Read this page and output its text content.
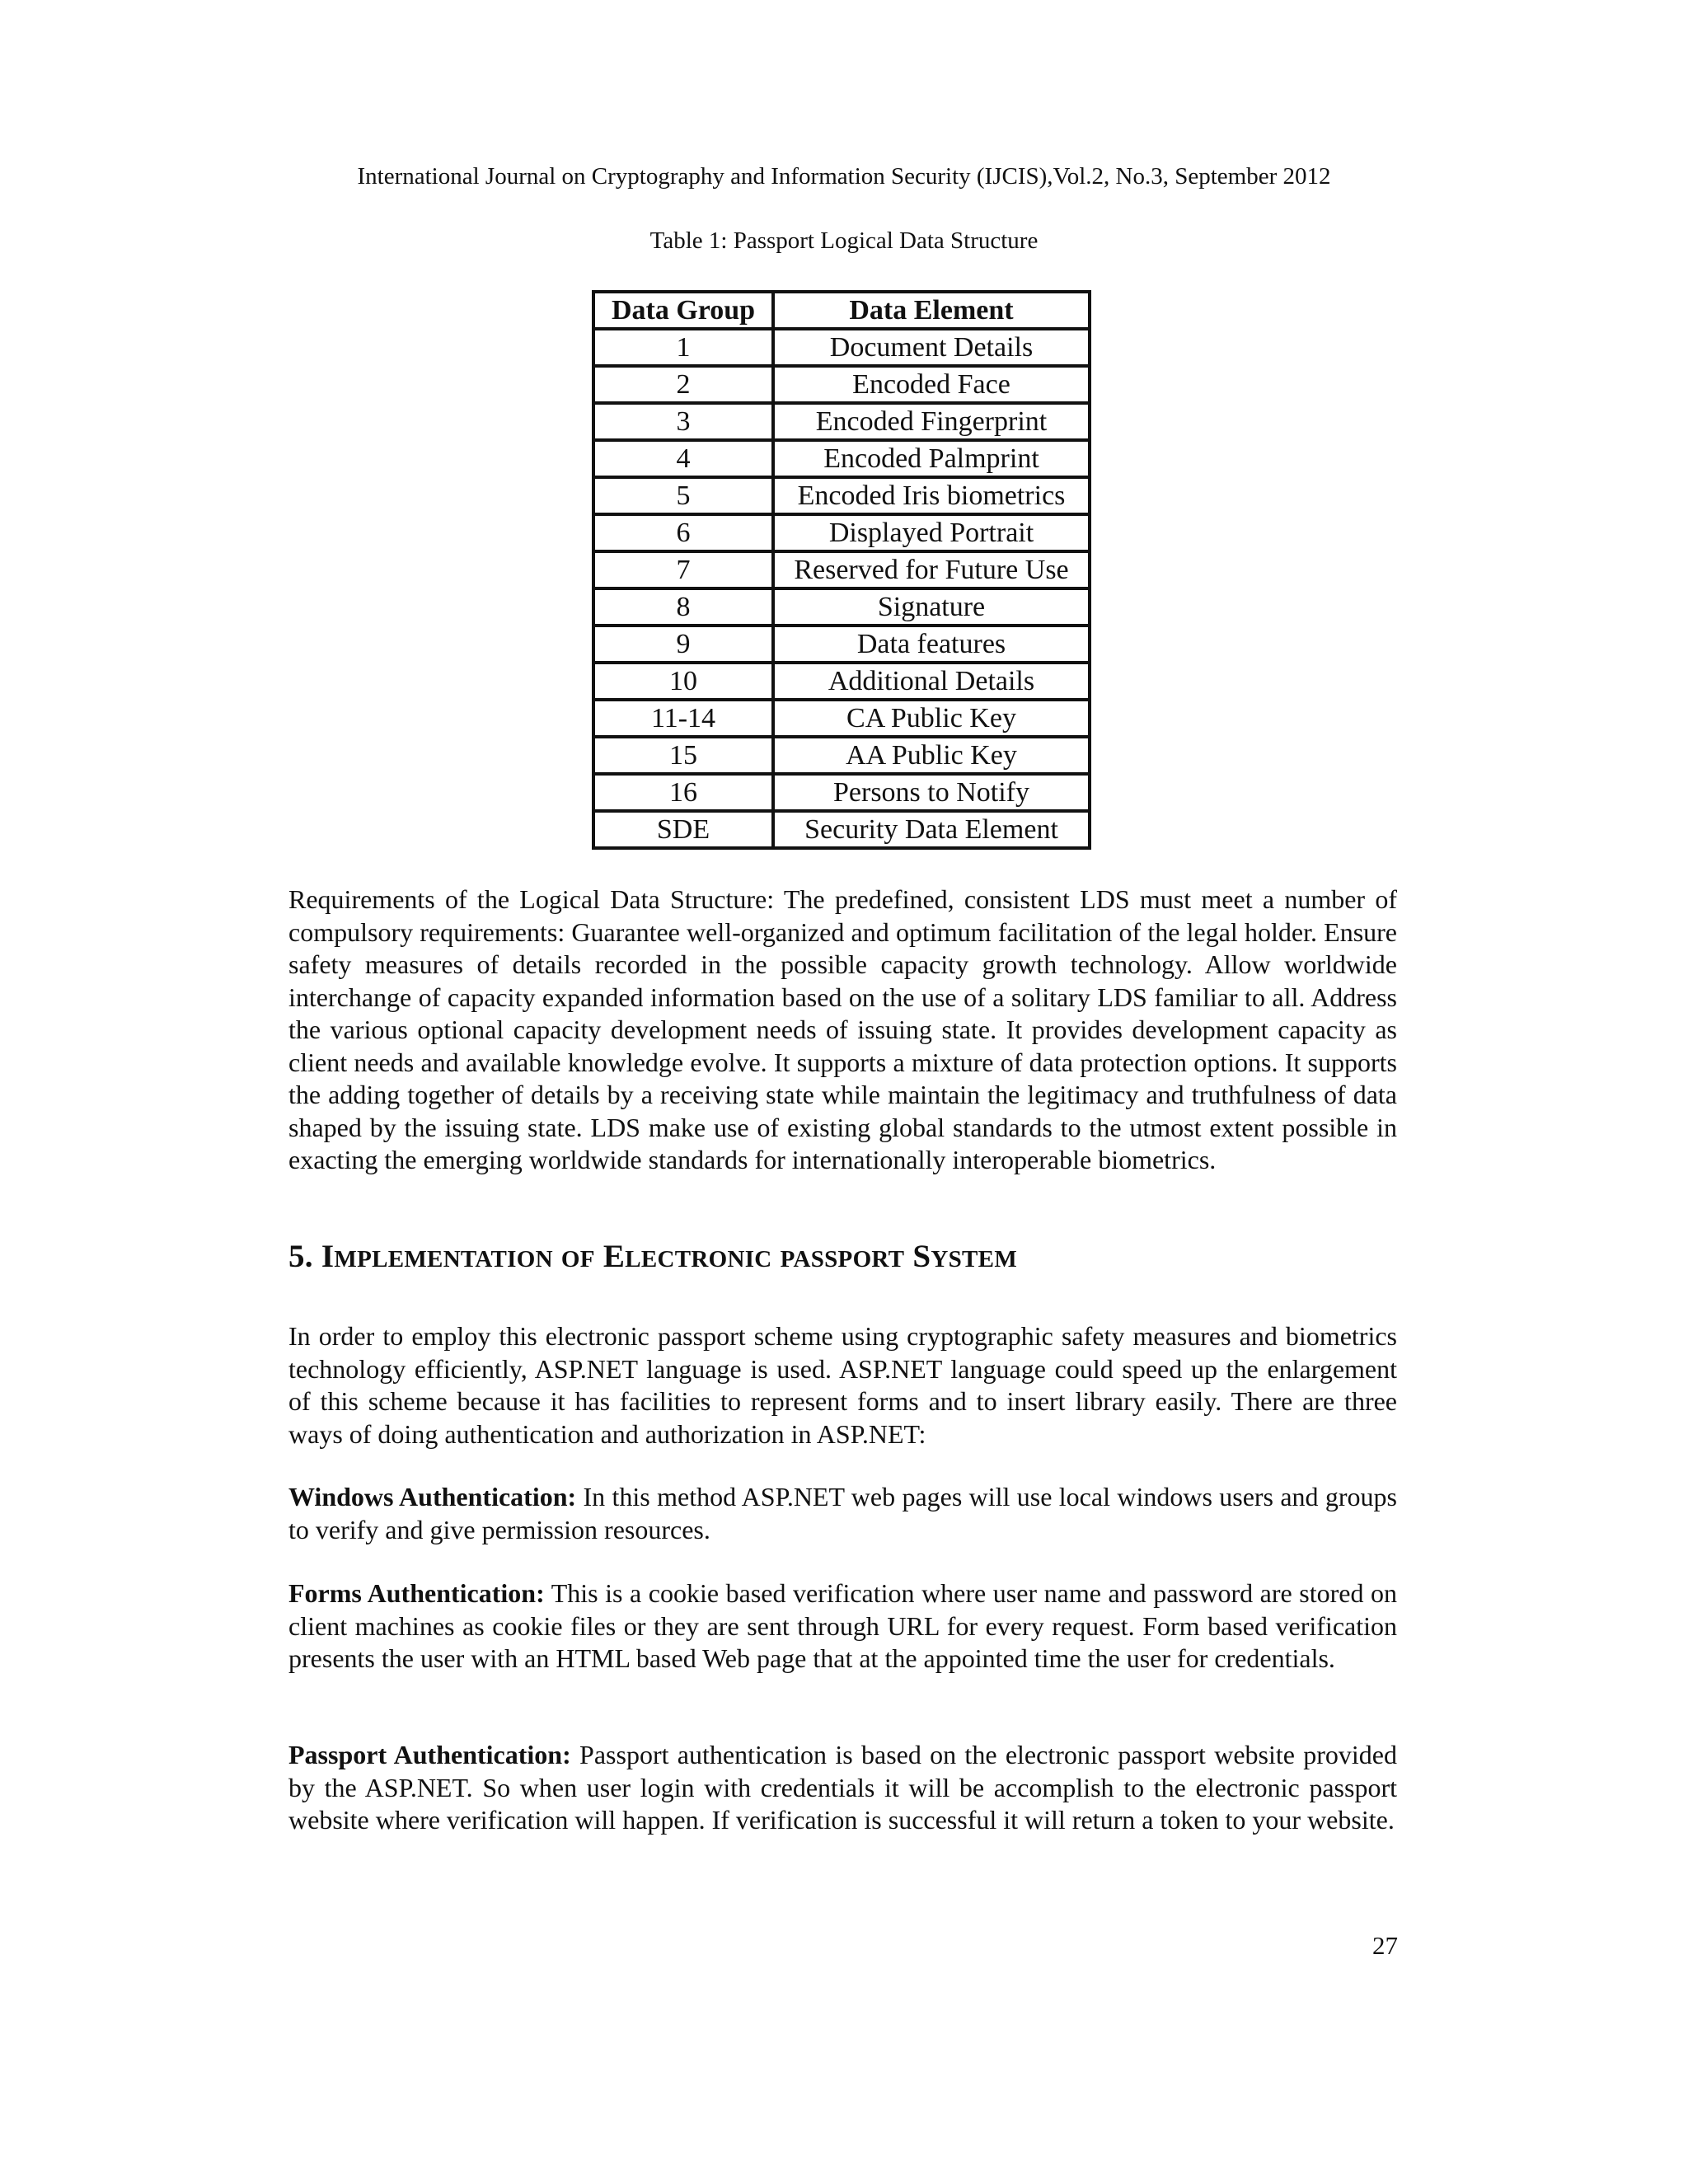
International Journal on Cryptography and Information Security (IJCIS),Vol.2, No.3, September 2012
Table 1: Passport Logical Data Structure
Data Group	Data Element
1	Document Details
2	Encoded Face
3	Encoded Fingerprint
4	Encoded Palmprint
5	Encoded Iris biometrics
6	Displayed Portrait
7	Reserved for Future Use
8	Signature
9	Data features
10	Additional Details
11-14	CA Public Key
15	AA Public Key
16	Persons to Notify
SDE	Security Data Element

Requirements of the Logical Data Structure: The predefined, consistent LDS must meet a number of compulsory requirements: Guarantee well-organized and optimum facilitation of the legal holder. Ensure safety measures of details recorded in the possible capacity growth technology. Allow worldwide interchange of capacity expanded information based on the use of a solitary LDS familiar to all. Address the various optional capacity development needs of issuing state. It provides development capacity as client needs and available knowledge evolve. It supports a mixture of data protection options. It supports the adding together of details by a receiving state while maintain the legitimacy and truthfulness of data shaped by the issuing state. LDS make use of existing global standards to the utmost extent possible in exacting the emerging worldwide standards for internationally interoperable biometrics.

5. IMPLEMENTATION OF ELECTRONIC PASSPORT SYSTEM

In order to employ this electronic passport scheme using cryptographic safety measures and biometrics technology efficiently, ASP.NET language is used. ASP.NET language could speed up the enlargement of this scheme because it has facilities to represent forms and to insert library easily. There are three ways of doing authentication and authorization in ASP.NET:

Windows Authentication: In this method ASP.NET web pages will use local windows users and groups to verify and give permission resources.

Forms Authentication: This is a cookie based verification where user name and password are stored on client machines as cookie files or they are sent through URL for every request. Form based verification presents the user with an HTML based Web page that at the appointed time the user for credentials.

Passport Authentication: Passport authentication is based on the electronic passport website provided by the ASP.NET. So when user login with credentials it will be accomplish to the electronic passport website where verification will happen. If verification is successful it will return a token to your website.

27
